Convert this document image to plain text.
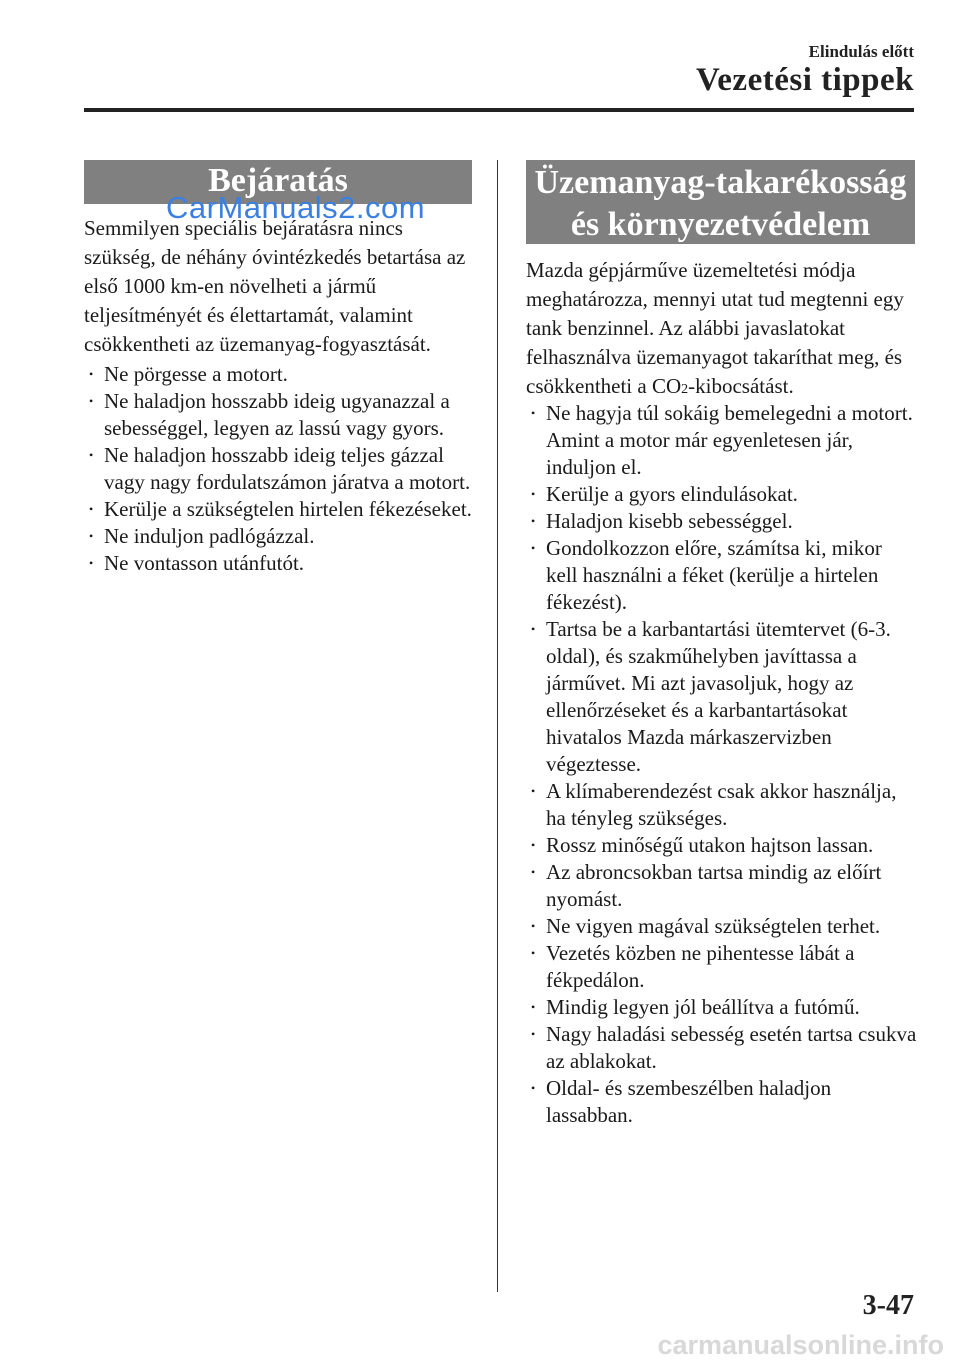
Elindulás előtt
Vezetési tippek
Bejáratás
CarManuals2.com

Semmilyen speciális bejáratásra nincs szükség, de néhány óvintézkedés betartása az első 1000 km-en növelheti a jármű teljesítményét és élettartamát, valamint csökkentheti az üzemanyag-fogyasztását.

• Ne pörgesse a motort.
• Ne haladjon hosszabb ideig ugyanazzal a sebességgel, legyen az lassú vagy gyors.
• Ne haladjon hosszabb ideig teljes gázzal vagy nagy fordulatszámon járatva a motort.
• Kerülje a szükségtelen hirtelen fékezéseket.
• Ne induljon padlógázzal.
• Ne vontasson utánfutót.
Üzemanyag-takarékosság és környezetvédelem

Mazda gépjárműve üzemeltetési módja meghatározza, mennyi utat tud megtenni egy tank benzinnel. Az alábbi javaslatokat felhasználva üzemanyagot takaríthat meg, és csökkentheti a CO2-kibocsátást.

• Ne hagyja túl sokáig bemelegedni a motort. Amint a motor már egyenletesen jár, induljon el.
• Kerülje a gyors elindulásokat.
• Haladjon kisebb sebességgel.
• Gondolkozzon előre, számítsa ki, mikor kell használni a féket (kerülje a hirtelen fékezést).
• Tartsa be a karbantartási ütemtervet (6-3. oldal), és szakműhelyben javíttassa a járművet. Mi azt javasoljuk, hogy az ellenőrzéseket és a karbantartásokat hivatalos Mazda márkaszervizben végeztesse.
• A klímaberendezést csak akkor használja, ha tényleg szükséges.
• Rossz minőségű utakon hajtson lassan.
• Az abroncsokban tartsa mindig az előírt nyomást.
• Ne vigyen magával szükségtelen terhet.
• Vezetés közben ne pihentesse lábát a fékpedálon.
• Mindig legyen jól beállítva a futómű.
• Nagy haladási sebesség esetén tartsa csukva az ablakokat.
• Oldal- és szembeszélben haladjon lassabban.
3-47
carmanualsonline.info
